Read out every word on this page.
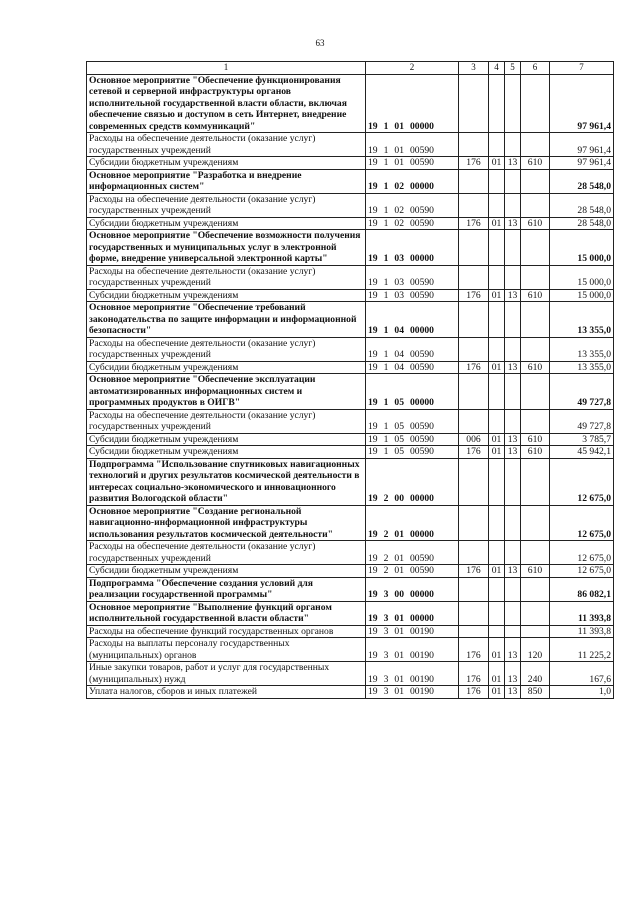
63
1	2	3	4	5	6	7
Основное мероприятие "Обеспечение функционирования сетевой и серверной инфраструктуры органов исполнительной государственной власти области, включая обеспечение связью и доступом в сеть Интернет, внедрение современных средств коммуникаций"	19 1 01 00000					97 961,4
Расходы на обеспечение деятельности (оказание услуг) государственных учреждений	19 1 01 00590					97 961,4
Субсидии бюджетным учреждениям	19 1 01 00590	176	01	13	610	97 961,4
Основное мероприятие "Разработка и внедрение информационных систем"	19 1 02 00000					28 548,0
Расходы на обеспечение деятельности (оказание услуг) государственных учреждений	19 1 02 00590					28 548,0
Субсидии бюджетным учреждениям	19 1 02 00590	176	01	13	610	28 548,0
Основное мероприятие "Обеспечение возможности получения государственных и муниципальных услуг в электронной форме, внедрение универсальной электронной карты"	19 1 03 00000					15 000,0
Расходы на обеспечение деятельности (оказание услуг) государственных учреждений	19 1 03 00590					15 000,0
Субсидии бюджетным учреждениям	19 1 03 00590	176	01	13	610	15 000,0
Основное мероприятие "Обеспечение требований законодательства по защите информации и информационной безопасности"	19 1 04 00000					13 355,0
Расходы на обеспечение деятельности (оказание услуг) государственных учреждений	19 1 04 00590					13 355,0
Субсидии бюджетным учреждениям	19 1 04 00590	176	01	13	610	13 355,0
Основное мероприятие "Обеспечение эксплуатации автоматизированных информационных систем и программных продуктов в ОИГВ"	19 1 05 00000					49 727,8
Расходы на обеспечение деятельности (оказание услуг) государственных учреждений	19 1 05 00590					49 727,8
Субсидии бюджетным учреждениям	19 1 05 00590	006	01	13	610	3 785,7
Субсидии бюджетным учреждениям	19 1 05 00590	176	01	13	610	45 942,1
Подпрограмма "Использование спутниковых навигационных технологий и других результатов космической деятельности в интересах социально-экономического и инновационного развития Вологодской области"	19 2 00 00000					12 675,0
Основное мероприятие "Создание региональной навигационно-информационной инфраструктуры использования результатов космической деятельности"	19 2 01 00000					12 675,0
Расходы на обеспечение деятельности (оказание услуг) государственных учреждений	19 2 01 00590					12 675,0
Субсидии бюджетным учреждениям	19 2 01 00590	176	01	13	610	12 675,0
Подпрограмма "Обеспечение создания условий для реализации государственной программы"	19 3 00 00000					86 082,1
Основное мероприятие "Выполнение функций органом исполнительной государственной власти области"	19 3 01 00000					11 393,8
Расходы на обеспечение функций государственных органов	19 3 01 00190					11 393,8
Расходы на выплаты персоналу государственных (муниципальных) органов	19 3 01 00190	176	01	13	120	11 225,2
Иные закупки товаров, работ и услуг для государственных (муниципальных) нужд	19 3 01 00190	176	01	13	240	167,6
Уплата налогов, сборов и иных платежей	19 3 01 00190	176	01	13	850	1,0
